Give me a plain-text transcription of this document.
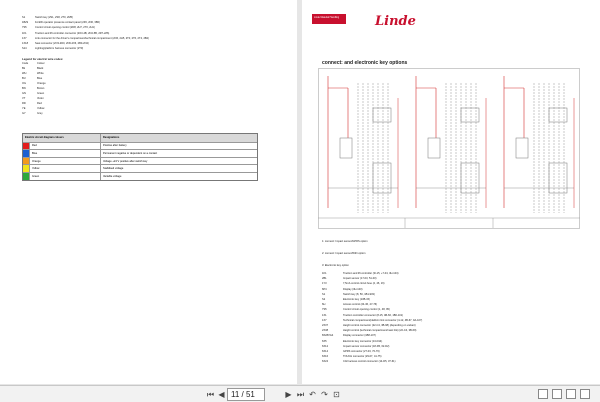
S1	Switch key (2S1, 2S8, 2T0, 2M5)
1B29	Forklift operator presence contact panel (2Z6, 2N6, 3B0)
7S5	Control circuit opening control (2D8, 2H7, 2T0, 2H1)
1K1	Traction and lift controller connector (2O3-4B, 2N4-5B, 2R7-2Z6)
1X7	Link connector for the driver's compartment/technical compartment (2O6, 2H5, 2T0, 2T6, 2T4, 2B2)
1X18	Seat connector (2O3-2D0, 2N6-2X6, 2B3-2N4)
S14	Lighting/platform harness connector (2T0)
Legend for electric wire codes:
Code	Colour
Bk	Black
WH	White
BU	Blue
OG	Orange
BN	Brown
GN	Green
VT	Violet
RD	Red
YE	Yellow
GY	Grey
Electric circuit diagram colours	Designations
Red	Positive after battery
Blue	Permanent negative or dependent on a contact
Orange	Voltage +24 V positive after switch key
Yellow	Stabilised voltage
Green	Variable voltage
Linde Material Handling	Linde
connect: and electronic key options
1: connect: Impact sensor/GPRS option
2: connect: Impact sensor/WiFi option
3: Electronic key option
1K1	Traction and lift controller (3I-15, +7-04, 3H-104)
2B1	Impact sensor (17-03, 51-03)
1Y3	7,5mA control circuit fuse (4, 46, 16)
6P4	Display (3H-103)
S1	Switch key (8, 50, 1B1-903)
S2	Electronic key (13B-15)
6H	Access control (24-36, 4Y-76)
7S5	Control circuit opening control (1, 48, 95)
1X1	Traction controller connector (8-15, 4B-66, 1B0-101)
1X7	Technical compartment/platform link connector (4-12, 4B-67, 9A-107)
2X37	Height control connector (22-C4, 3B-68) (depending on variant)
2X38	Height control (technical compartment/mast link) (22-C4, 3B-69)
8X28VG4	Display connector (1B8-107)
6X5	Electronic key connector (13-D14)
6X12	Impact sensor connector (18-D5, 62-D2)
6X14	GPRS connector (27-03, 70-76)
6X16	TOUCH connector (29-07, 41-75)
6X24	CAN access control connector (14-D5, 37-61)
⏮ ◀ 11 / 51	▶ ⏭ ↶ ↷ ⊡
